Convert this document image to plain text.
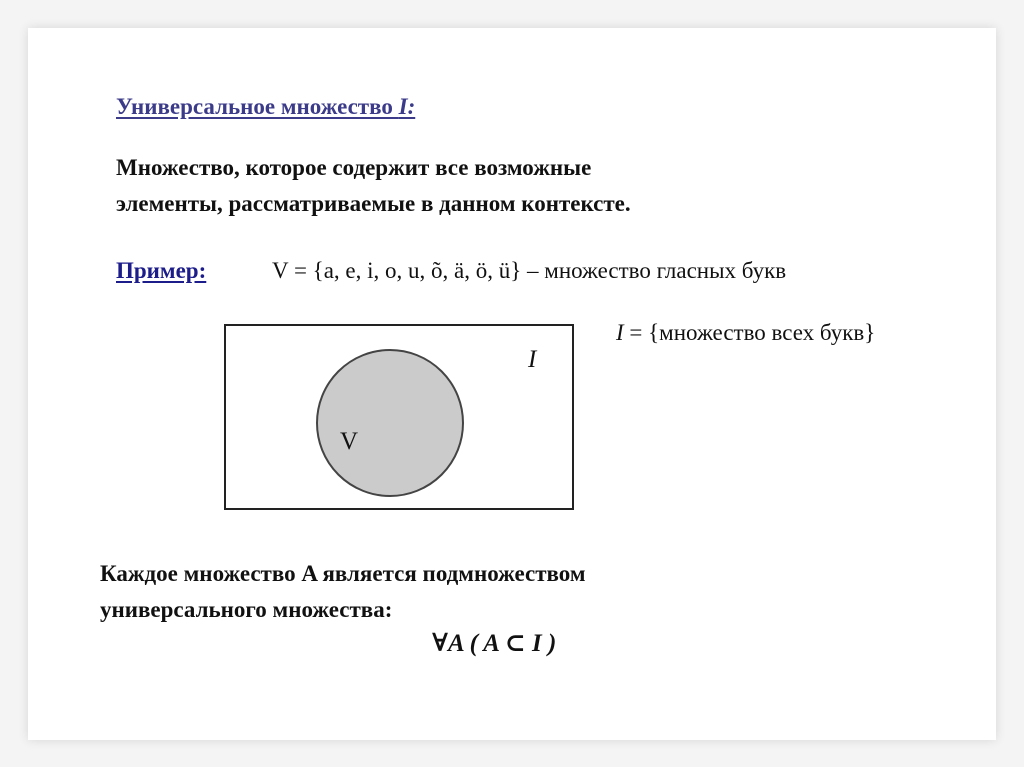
Универсальное множество I:
Множество, которое содержит все возможные
элементы, рассматриваемые в данном контексте.
Пример:	V = {a, e, i, o, u, õ, ä, ö, ü} – множество гласных букв
I = {множество всех букв}
V
I
Каждое множество A является подмножеством
универсального множества:
∀A ( A ⊂ I )
